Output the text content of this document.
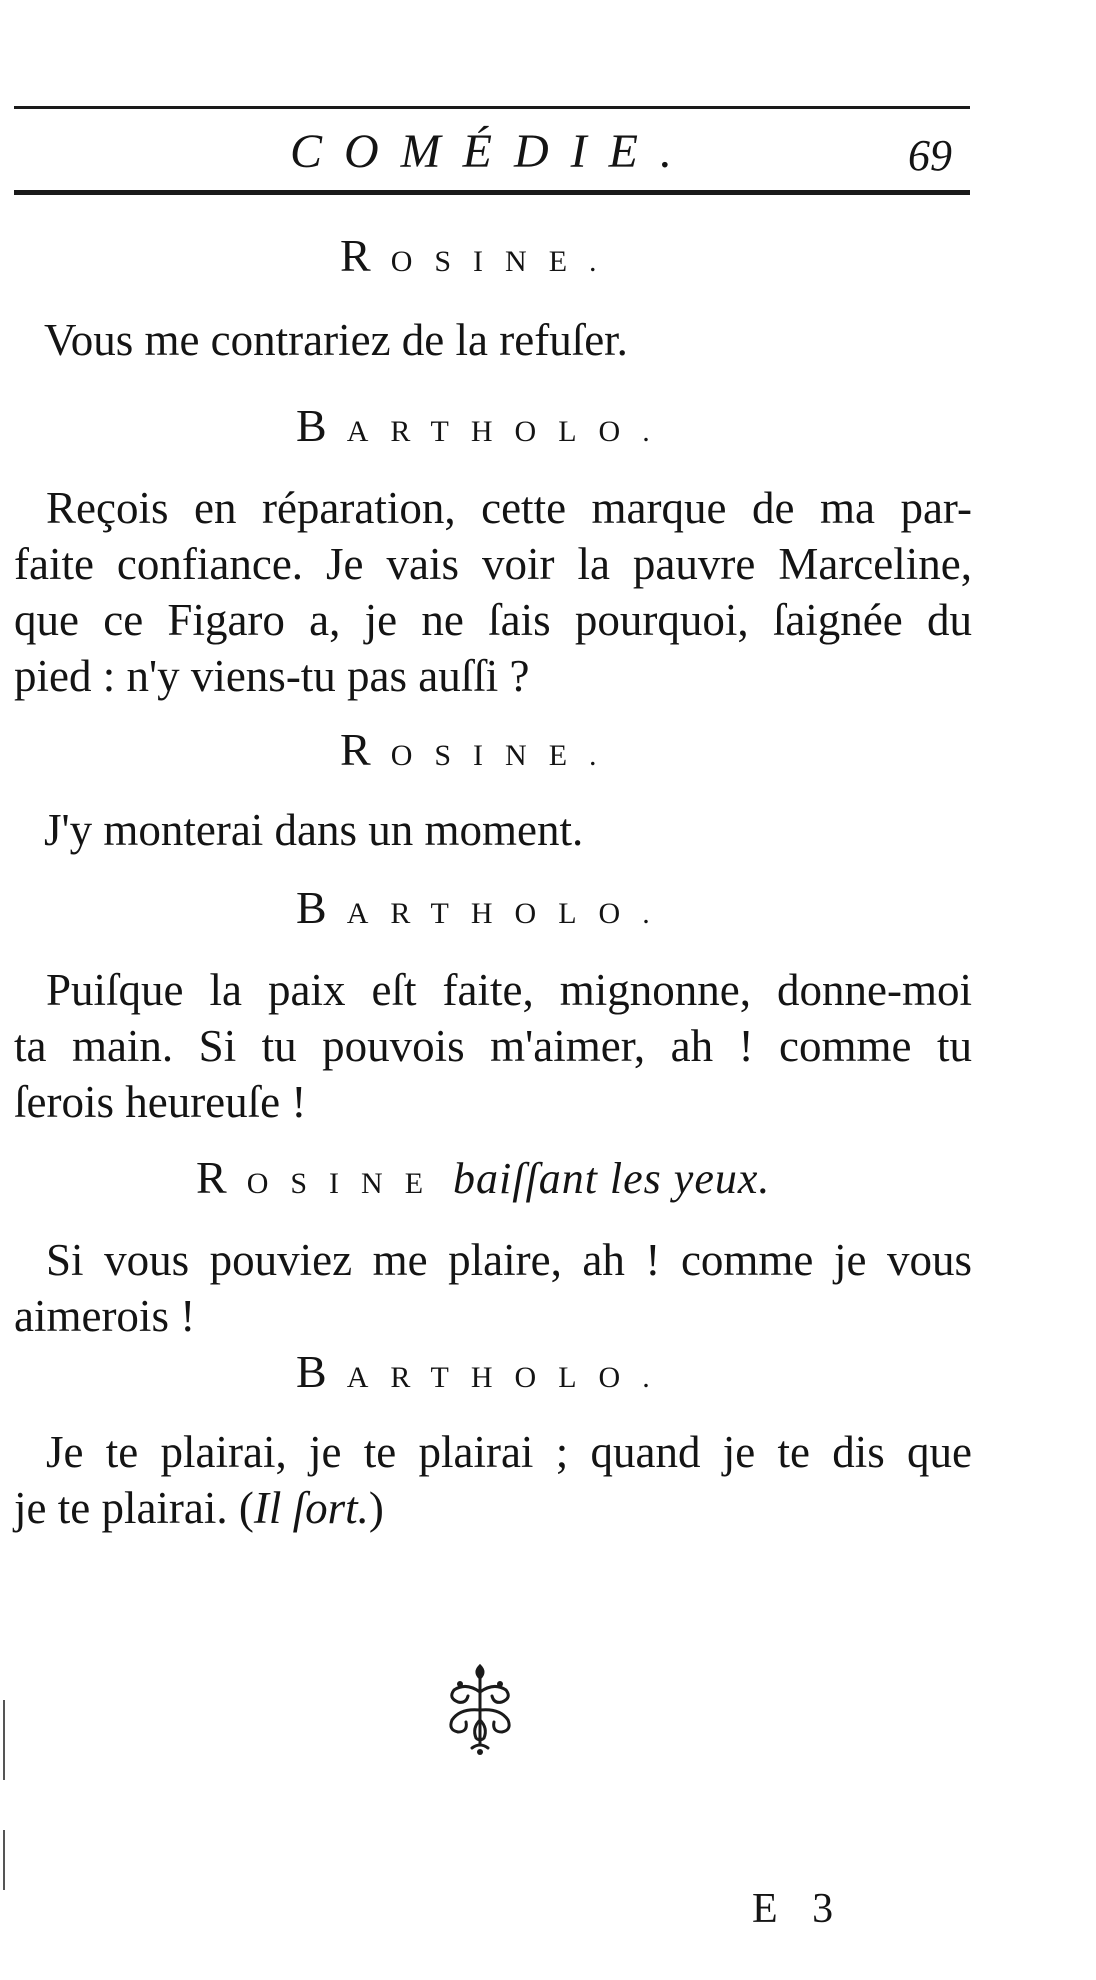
COMÉDIE.	69
ROSINE.
Vous me contrariez de la refuſer.
BARTHOLO.
Reçois en réparation, cette marque de ma par-
faite confiance. Je vais voir la pauvre Marceline,
que ce Figaro a, je ne ſais pourquoi, ſaignée du
pied : n'y viens-tu pas auſſi ?
ROSINE.
J'y monterai dans un moment.
BARTHOLO.
Puiſque la paix eſt faite, mignonne, donne-moi
ta main. Si tu pouvois m'aimer, ah ! comme tu
ſerois heureuſe !
ROSINE baiſſant les yeux.
Si vous pouviez me plaire, ah ! comme je vous
aimerois !
BARTHOLO.
Je te plairai, je te plairai ; quand je te dis que
je te plairai. (Il ſort.)
E 3
